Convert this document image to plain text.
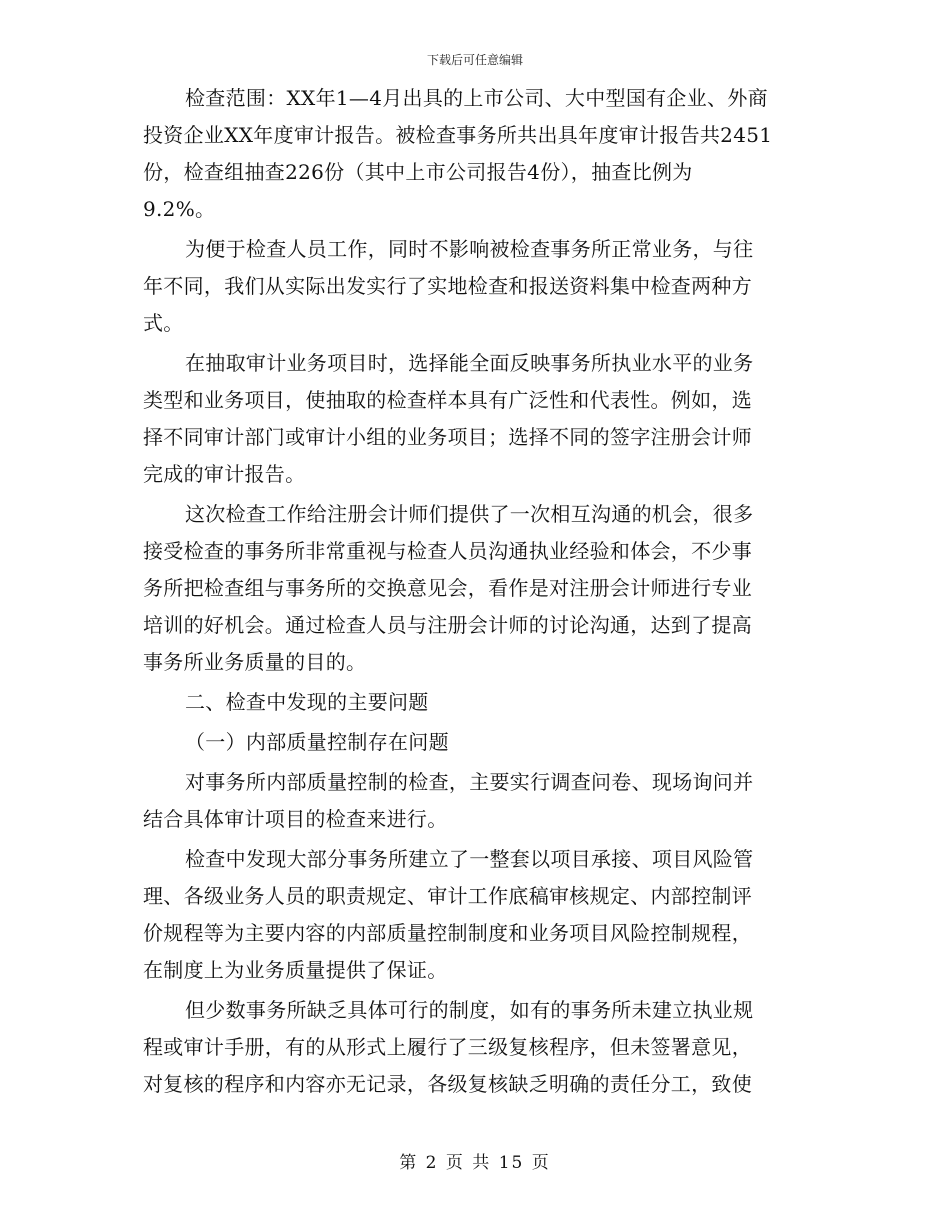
下载后可任意编辑
检查范围：XX年1—4月出具的上市公司、大中型国有企业、外商
投资企业XX年度审计报告。被检查事务所共出具年度审计报告共2451
份，检查组抽查226份（其中上市公司报告4份），抽查比例为
9.2%。
为便于检查人员工作，同时不影响被检查事务所正常业务，与往
年不同，我们从实际出发实行了实地检查和报送资料集中检查两种方
式。
在抽取审计业务项目时，选择能全面反映事务所执业水平的业务
类型和业务项目，使抽取的检查样本具有广泛性和代表性。例如，选
择不同审计部门或审计小组的业务项目；选择不同的签字注册会计师
完成的审计报告。
这次检查工作给注册会计师们提供了一次相互沟通的机会，很多
接受检查的事务所非常重视与检查人员沟通执业经验和体会，不少事
务所把检查组与事务所的交换意见会，看作是对注册会计师进行专业
培训的好机会。通过检查人员与注册会计师的讨论沟通，达到了提高
事务所业务质量的目的。
二、检查中发现的主要问题
（一）内部质量控制存在问题
对事务所内部质量控制的检查，主要实行调查问卷、现场询问并
结合具体审计项目的检查来进行。
检查中发现大部分事务所建立了一整套以项目承接、项目风险管
理、各级业务人员的职责规定、审计工作底稿审核规定、内部控制评
价规程等为主要内容的内部质量控制制度和业务项目风险控制规程，
在制度上为业务质量提供了保证。
但少数事务所缺乏具体可行的制度，如有的事务所未建立执业规
程或审计手册，有的从形式上履行了三级复核程序，但未签署意见，
对复核的程序和内容亦无记录，各级复核缺乏明确的责任分工，致使
第 2 页 共 15 页
